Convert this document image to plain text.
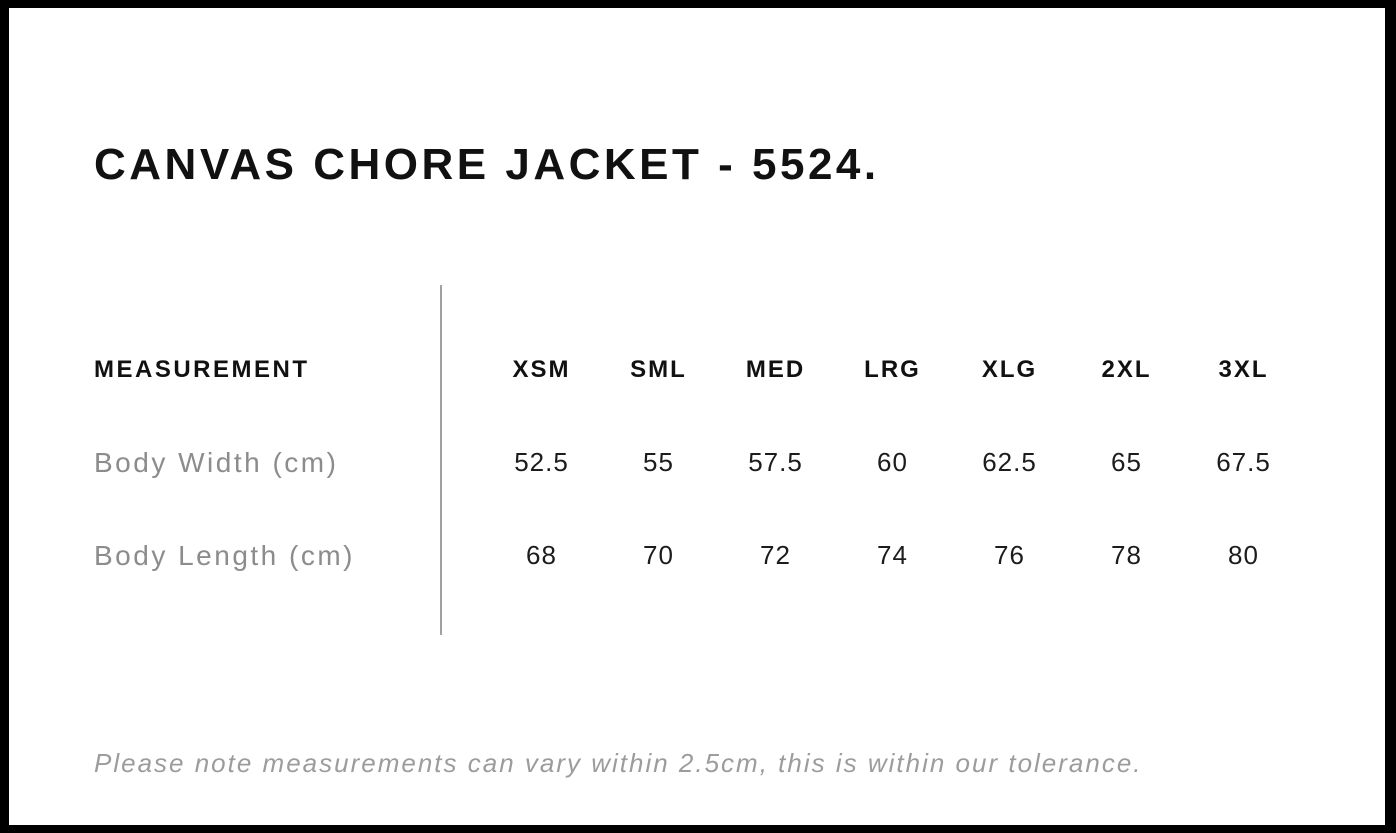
CANVAS CHORE JACKET - 5524.
MEASUREMENT	XSM	SML	MED	LRG	XLG	2XL	3XL
Body Width (cm)	52.5	55	57.5	60	62.5	65	67.5
Body Length (cm)	68	70	72	74	76	78	80

Please note measurements can vary within 2.5cm, this is within our tolerance.
